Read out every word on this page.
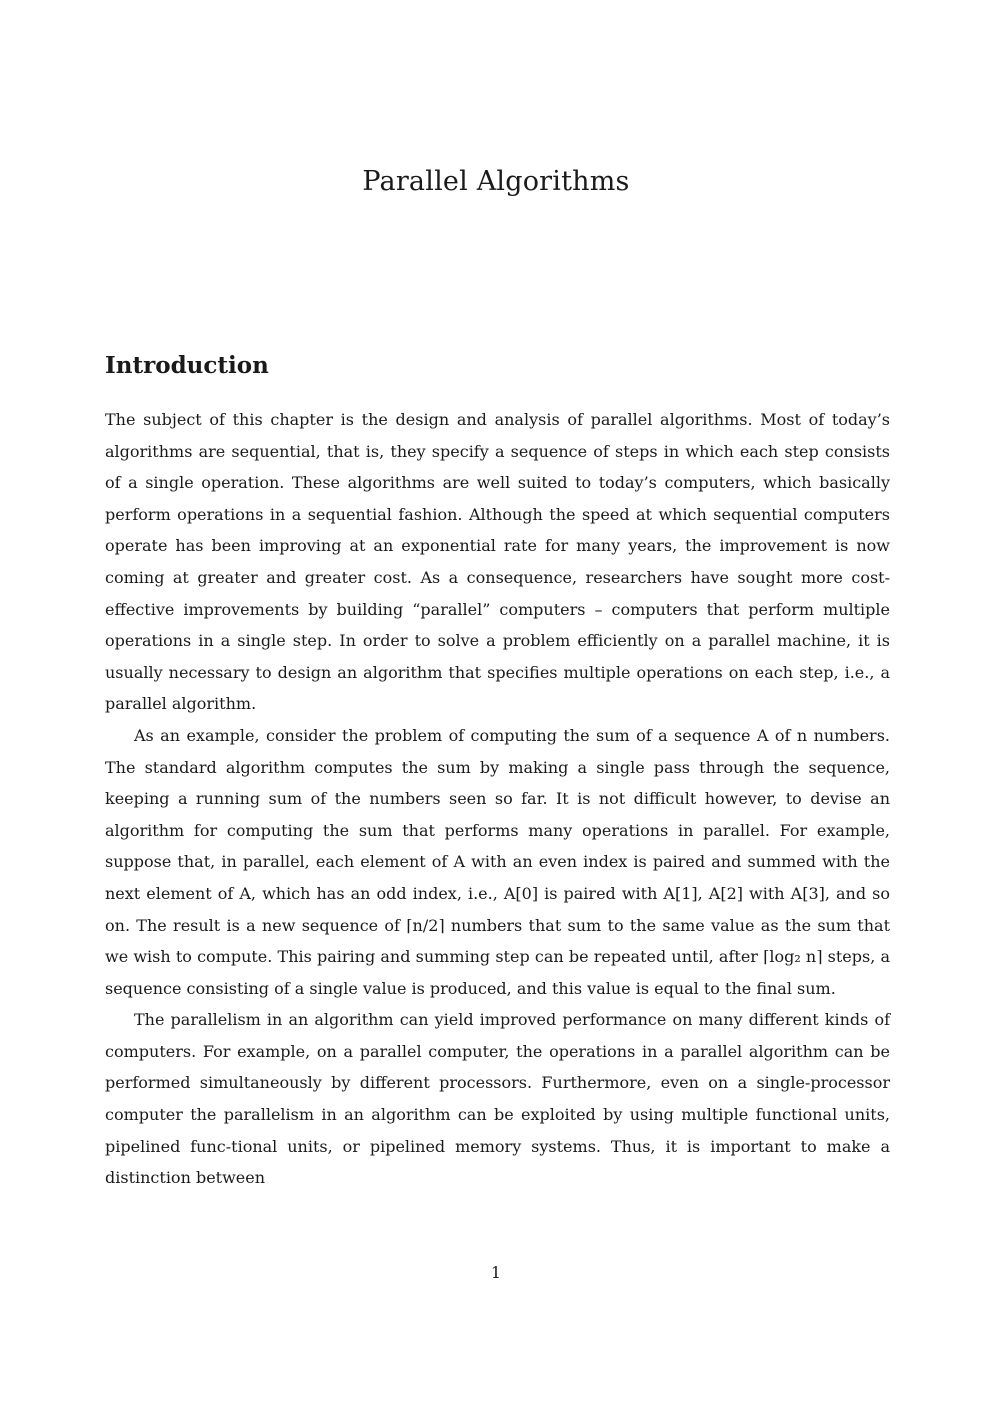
Parallel Algorithms
Introduction

The subject of this chapter is the design and analysis of parallel algorithms. Most of today’s algorithms are sequential, that is, they specify a sequence of steps in which each step consists of a single operation. These algorithms are well suited to today’s computers, which basically perform operations in a sequential fashion. Although the speed at which sequential computers operate has been improving at an exponential rate for many years, the improvement is now coming at greater and greater cost. As a consequence, researchers have sought more cost-effective improvements by building “parallel” computers – computers that perform multiple operations in a single step. In order to solve a problem efficiently on a parallel machine, it is usually necessary to design an algorithm that specifies multiple operations on each step, i.e., a parallel algorithm.

As an example, consider the problem of computing the sum of a sequence A of n numbers. The standard algorithm computes the sum by making a single pass through the sequence, keeping a running sum of the numbers seen so far. It is not difficult however, to devise an algorithm for computing the sum that performs many operations in parallel. For example, suppose that, in parallel, each element of A with an even index is paired and summed with the next element of A, which has an odd index, i.e., A[0] is paired with A[1], A[2] with A[3], and so on. The result is a new sequence of ⌈n/2⌉ numbers that sum to the same value as the sum that we wish to compute. This pairing and summing step can be repeated until, after ⌈log₂ n⌉ steps, a sequence consisting of a single value is produced, and this value is equal to the final sum.

The parallelism in an algorithm can yield improved performance on many different kinds of computers. For example, on a parallel computer, the operations in a parallel algorithm can be performed simultaneously by different processors. Furthermore, even on a single-processor computer the parallelism in an algorithm can be exploited by using multiple functional units, pipelined func-tional units, or pipelined memory systems. Thus, it is important to make a distinction between

1
